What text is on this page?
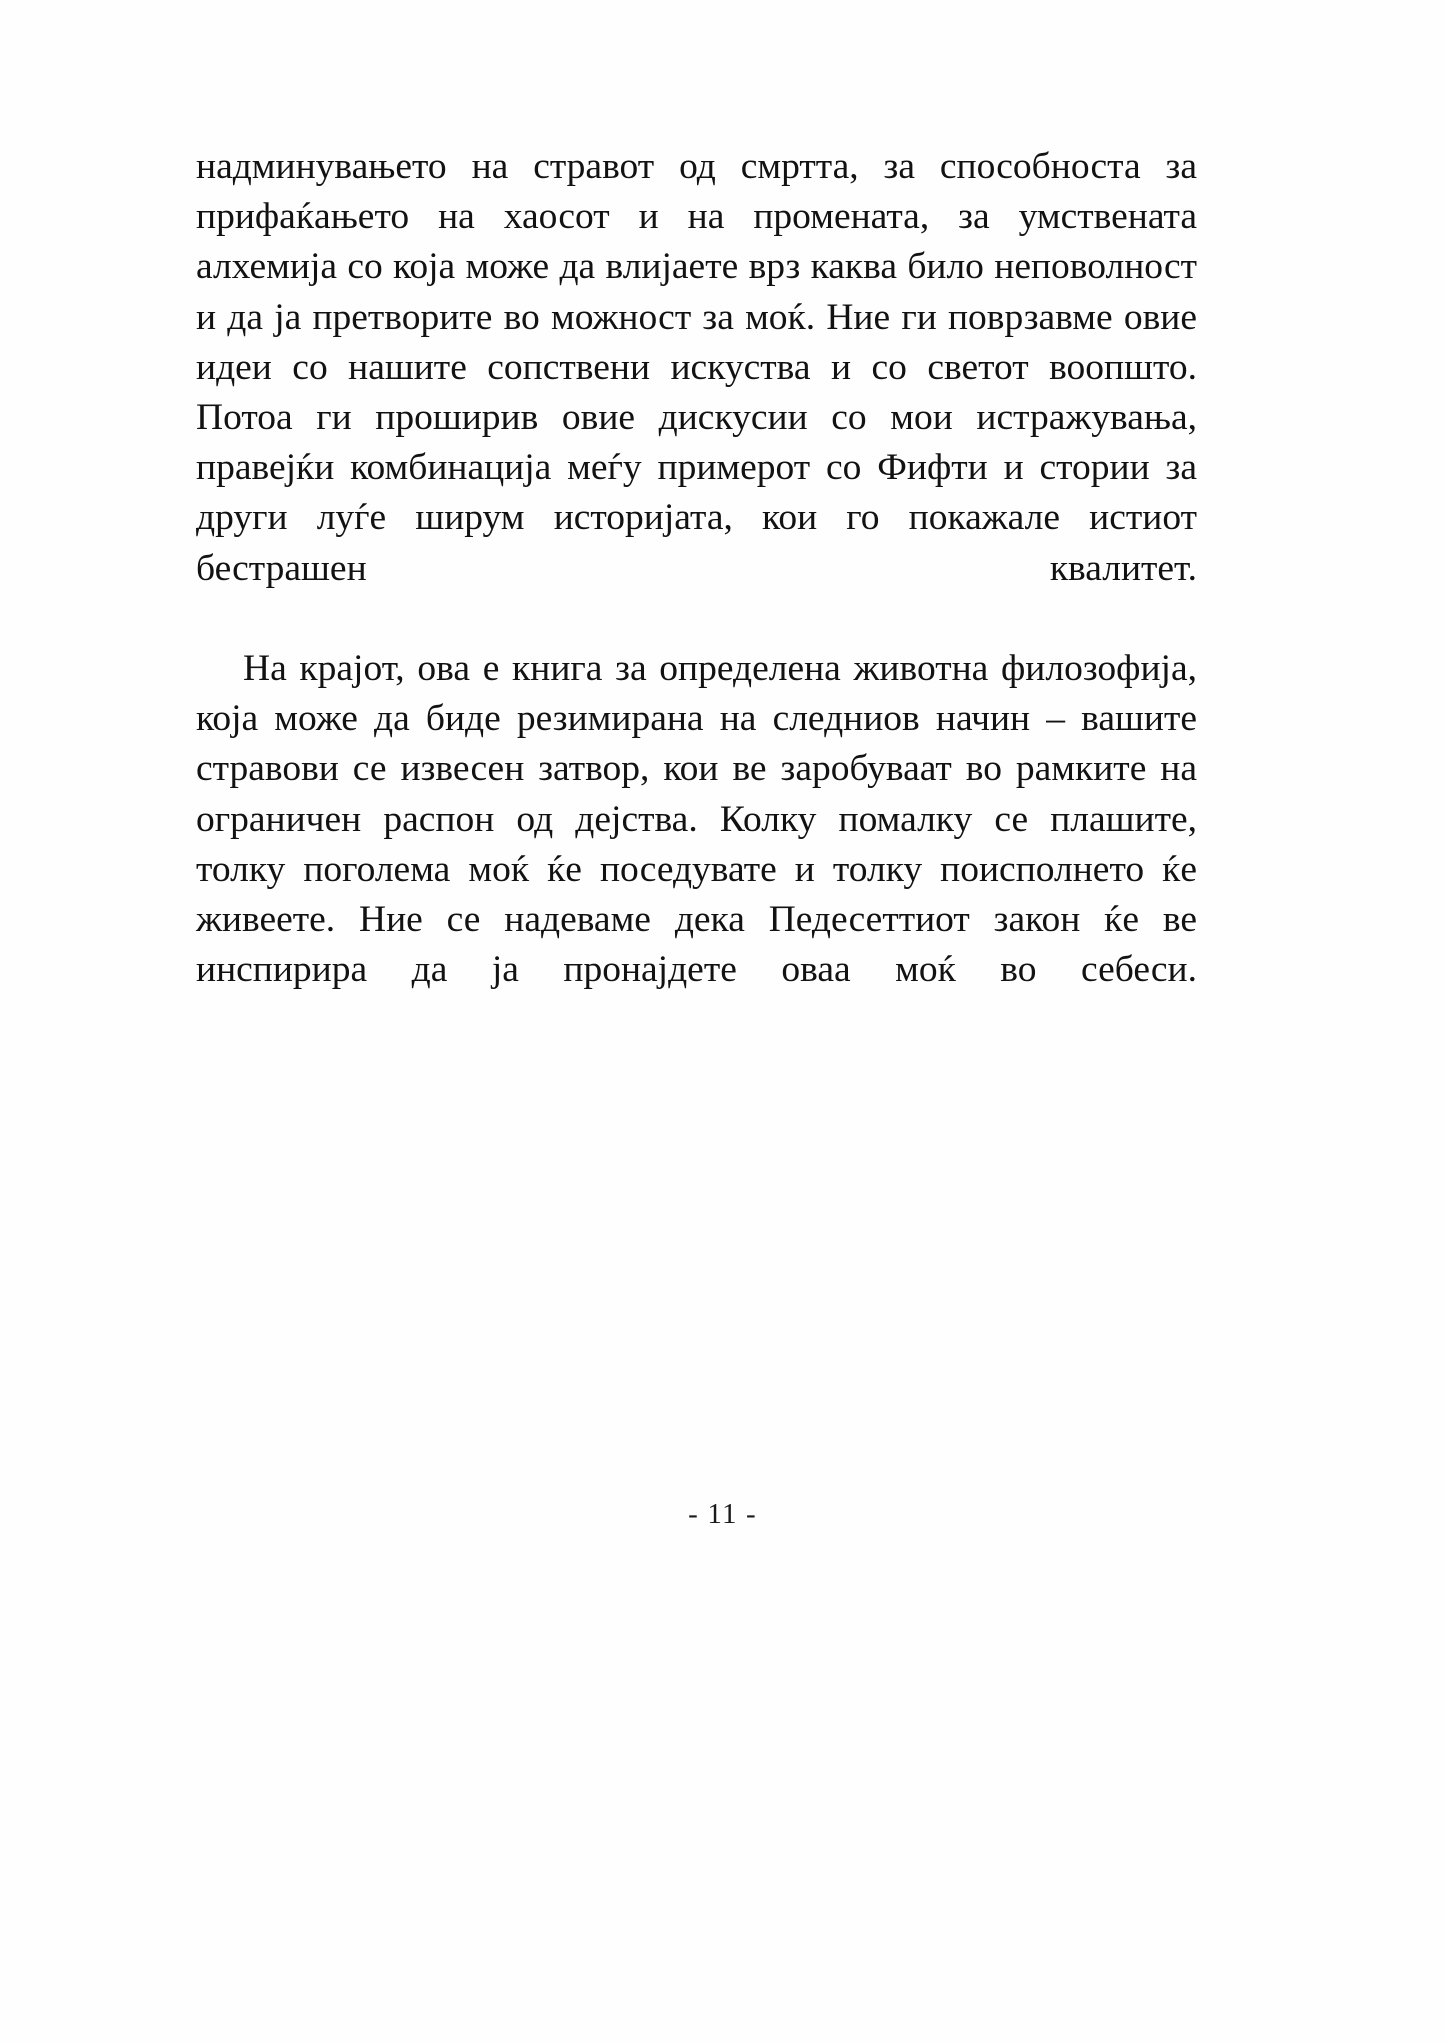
надминувањето на стравот од смртта, за способноста за прифаќањето на хаосот и на промената, за умствената алхемија со која може да влијаете врз каква било неповолност и да ја претворите во можност за моќ. Ние ги поврзавме овие идеи со нашите сопствени искуства и со светот воопшто. Потоа ги проширив овие дискусии со мои истражувања, правејќи комбинација меѓу примерот со Фифти и стории за други луѓе ширум историјата, кои го покажале истиот бестрашен квалитет.

На крајот, ова е книга за определена животна филозофија, која може да биде резимирана на следниов начин – вашите стравови се извесен затвор, кои ве заробуваат во рамките на ограничен распон од дејства. Колку помалку се плашите, толку поголема моќ ќе поседувате и толку поисполнето ќе живеете. Ние се надеваме дека Педесеттиот закон ќе ве инспирира да ја пронајдете оваа моќ во себеси.

- 11 -
